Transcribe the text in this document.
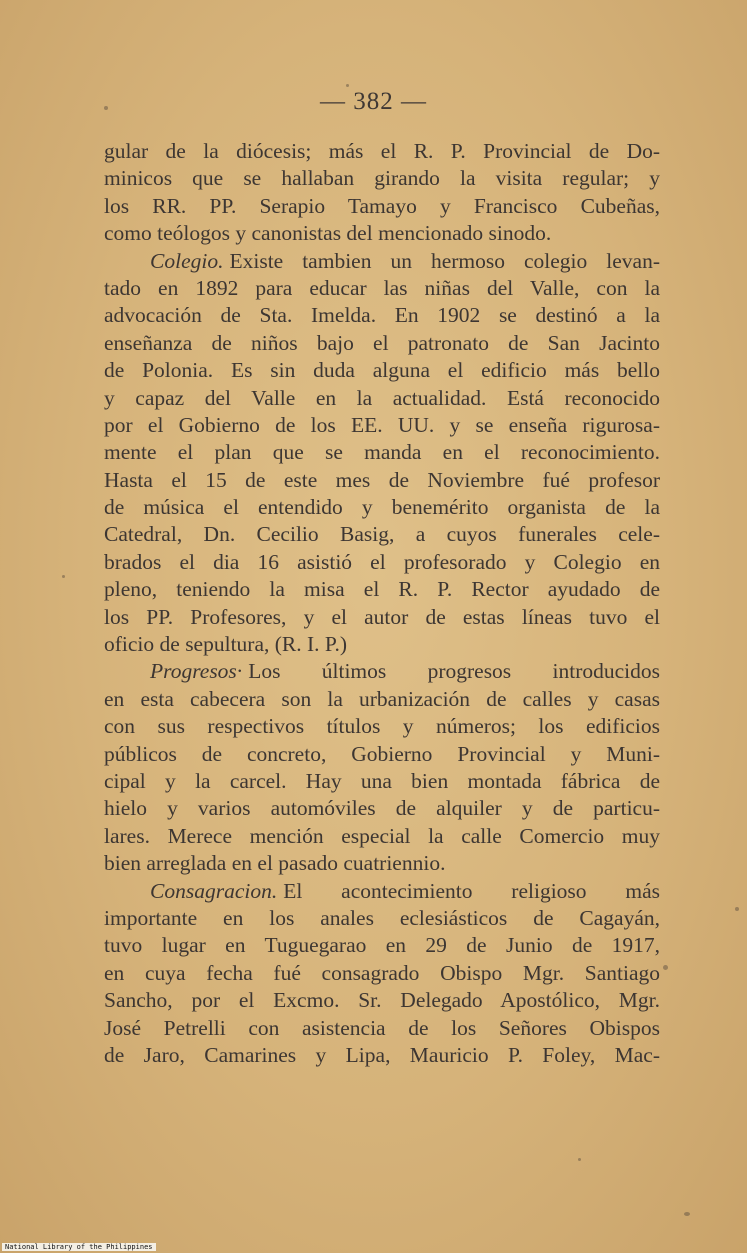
— 382 —
gular de la diócesis; más el R. P. Provincial de Do-
minicos que se hallaban girando la visita regular; y
los RR. PP. Serapio Tamayo y Francisco Cubeñas,
como teólogos y canonistas del mencionado sinodo.
Colegio. Existe tambien un hermoso colegio levan-
tado en 1892 para educar las niñas del Valle, con la
advocación de Sta. Imelda. En 1902 se destinó a la
enseñanza de niños bajo el patronato de San Jacinto
de Polonia. Es sin duda alguna el edificio más bello
y capaz del Valle en la actualidad. Está reconocido
por el Gobierno de los EE. UU. y se enseña rigurosa-
mente el plan que se manda en el reconocimiento.
Hasta el 15 de este mes de Noviembre fué profesor
de música el entendido y benemérito organista de la
Catedral, Dn. Cecilio Basig, a cuyos funerales cele-
brados el dia 16 asistió el profesorado y Colegio en
pleno, teniendo la misa el R. P. Rector ayudado de
los PP. Profesores, y el autor de estas líneas tuvo el
oficio de sepultura, (R. I. P.)
Progresos· Los últimos progresos introducidos
en esta cabecera son la urbanización de calles y casas
con sus respectivos títulos y números; los edificios
públicos de concreto, Gobierno Provincial y Muni-
cipal y la carcel. Hay una bien montada fábrica de
hielo y varios automóviles de alquiler y de particu-
lares. Merece mención especial la calle Comercio muy
bien arreglada en el pasado cuatriennio.
Consagracion. El acontecimiento religioso más
importante en los anales eclesiásticos de Cagayán,
tuvo lugar en Tuguegarao en 29 de Junio de 1917,
en cuya fecha fué consagrado Obispo Mgr. Santiago
Sancho, por el Excmo. Sr. Delegado Apostólico, Mgr.
José Petrelli con asistencia de los Señores Obispos
de Jaro, Camarines y Lipa, Mauricio P. Foley, Mac-
National Library of the Philippines
